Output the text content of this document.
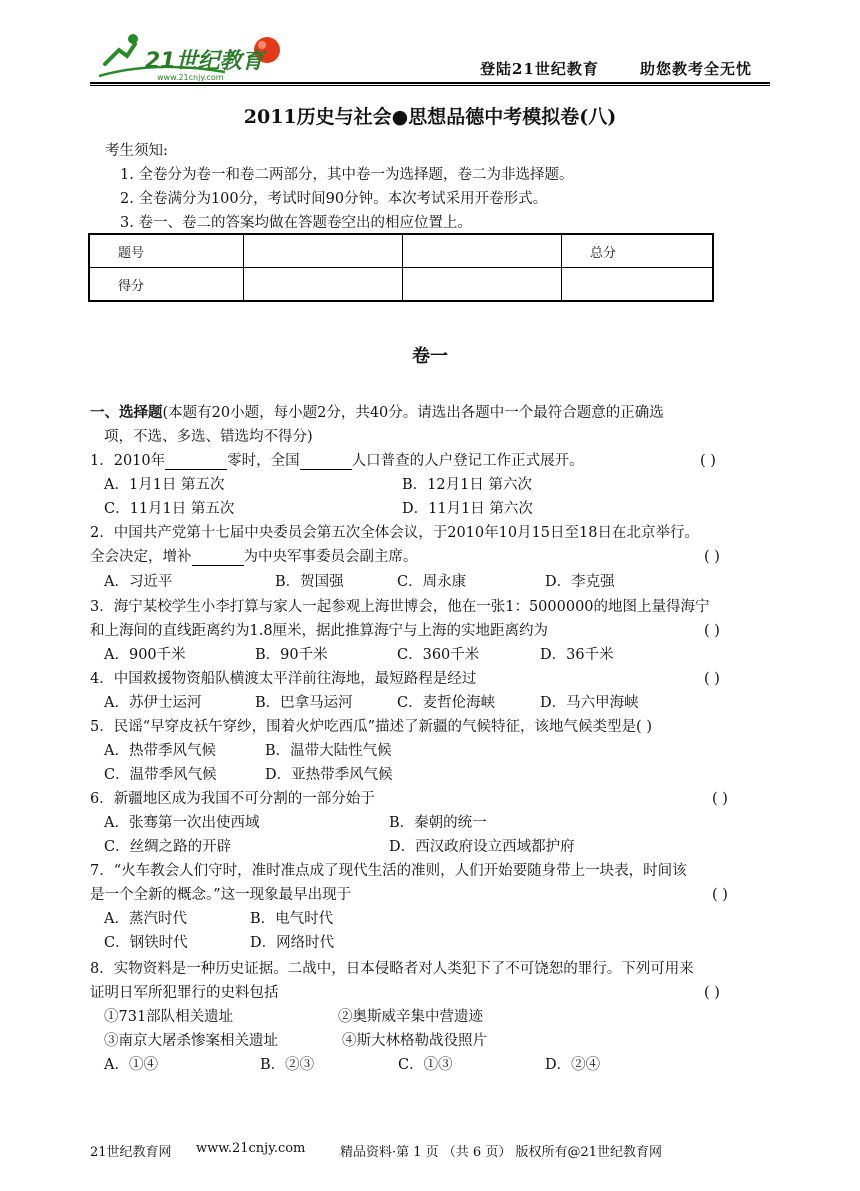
21世纪教育
www.21cnjy.com	登陆21世纪教育	助您教考全无忧
2011历史与社会●思想品德中考模拟卷(八)
考生须知:
1. 全卷分为卷一和卷二两部分，其中卷一为选择题，卷二为非选择题。
2. 全卷满分为100分，考试时间90分钟。本次考试采用开卷形式。
3. 卷一、卷二的答案均做在答题卷空出的相应位置上。
题号			总分
得分			
卷一
一、选择题(本题有20小题，每小题2分，共40分。请选出各题中一个最符合题意的正确选
项，不选、多选、错选均不得分)
1．2010年	零时，全国	人口普查的人户登记工作正式展开。	( )
A．1月1日 第五次	B．12月1日 第六次
C．11月1日 第五次	D．11月1日 第六次
2．中国共产党第十七届中央委员会第五次全体会议，于2010年10月15日至18日在北京举行。
全会决定，增补	为中央军事委员会副主席。	( )
A．习近平	B．贺国强	C．周永康	D．李克强
3．海宁某校学生小李打算与家人一起参观上海世博会，他在一张1：5000000的地图上量得海宁
和上海间的直线距离约为1.8厘米，据此推算海宁与上海的实地距离约为	( )
A．900千米	B．90千米	C．360千米	D．36千米
4．中国救援物资船队横渡太平洋前往海地，最短路程是经过	( )
A．苏伊士运河	B．巴拿马运河	C．麦哲伦海峡	D．马六甲海峡
5．民谣“早穿皮袄午穿纱，围着火炉吃西瓜”描述了新疆的气候特征，该地气候类型是( )
A．热带季风气候	B．温带大陆性气候
C．温带季风气候	D．亚热带季风气候
6．新疆地区成为我国不可分割的一部分始于	( )
A．张骞第一次出使西域	B．秦朝的统一
C．丝绸之路的开辟	D．西汉政府设立西域都护府
7．“火车教会人们守时，准时准点成了现代生活的准则，人们开始要随身带上一块表，时间该
是一个全新的概念。”这一现象最早出现于	( )
A．蒸汽时代	B．电气时代
C．钢铁时代	D．网络时代
8．实物资料是一种历史证据。二战中，日本侵略者对人类犯下了不可饶恕的罪行。下列可用来
证明日军所犯罪行的史料包括	( )
①731部队相关遗址	②奥斯威辛集中营遗迹
③南京大屠杀惨案相关遗址	④斯大林格勒战役照片
A．①④	B．②③	C．①③	D．②④
21世纪教育网 www.21cnjy.com	精品资料·第 1 页 （共 6 页） 版权所有@21世纪教育网
